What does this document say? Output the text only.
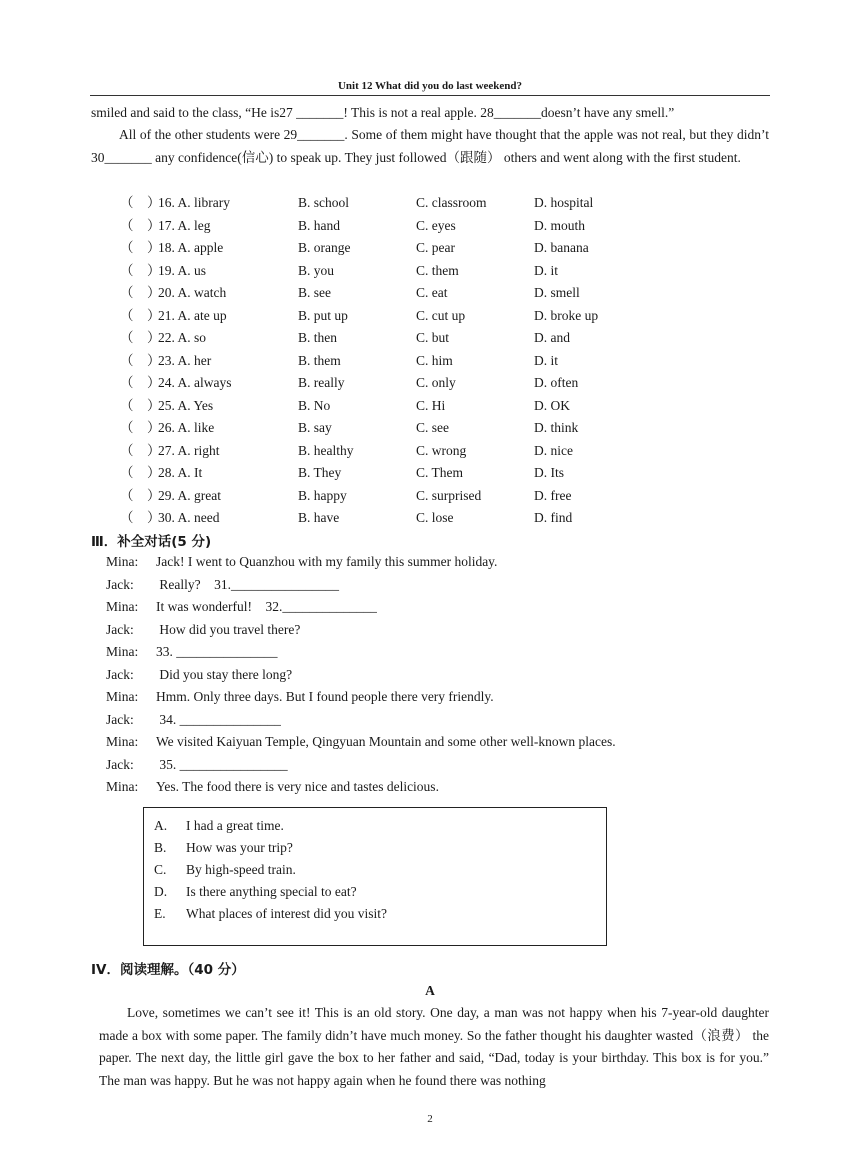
Unit 12 What did you do last weekend?

smiled and said to the class, “He is27 _______! This is not a real apple. 28_______doesn’t have any smell.”

All of the other students were 29_______. Some of them might have thought that the apple was not real, but they didn’t 30_______ any confidence(信心) to speak up. They just followed（跟随） others and went along with the first student.

（　）
16. A. library	B. school	C. classroom	D. hospital
（　）
17. A. leg	B. hand	C. eyes	D. mouth
（　）
18. A. apple	B. orange	C. pear	D. banana
（　）
19. A. us	B. you	C. them	D. it
（　）
20. A. watch	B. see	C. eat	D. smell
（　）
21. A. ate up	B. put up	C. cut up	D. broke up
（　）
22. A. so	B. then	C. but	D. and
（　）
23. A. her	B. them	C. him	D. it
（　）
24. A. always	B. really	C. only	D. often
（　）
25. A. Yes	B. No	C. Hi	D. OK
（　）
26. A. like	B. say	C. see	D. think
（　）
27. A. right	B. healthy	C. wrong	D. nice
（　）
28. A. It	B. They	C. Them	D. Its
（　）
29. A. great	B. happy	C. surprised	D. free
（　）
30. A. need	B. have	C. lose	D. find
Ⅲ．补全对话(5 分)
Mina: Jack! I went to Quanzhou with my family this summer holiday.
Jack: Really?　31.________________
Mina: It was wonderful!　32.______________
Jack: How did you travel there?
Mina: 33. _______________
Jack: Did you stay there long?
Mina: Hmm. Only three days. But I found people there very friendly.
Jack: 34. _______________
Mina: We visited Kaiyuan Temple, Qingyuan Mountain and some other well-known places.
Jack: 35. ________________
Mina: Yes. The food there is very nice and tastes delicious.
A. I had a great time.
B. How was your trip?
C. By high-speed train.
D. Is there anything special to eat?
E. What places of interest did you visit?
IV．阅读理解。（40 分）
A

Love, sometimes we can’t see it! This is an old story. One day, a man was not happy when his 7-year-old daughter made a box with some paper. The family didn’t have much money. So the father thought his daughter wasted（浪费） the paper. The next day, the little girl gave the box to her father and said, “Dad, today is your birthday. This box is for you.” The man was happy. But he was not happy again when he found there was nothing

2
